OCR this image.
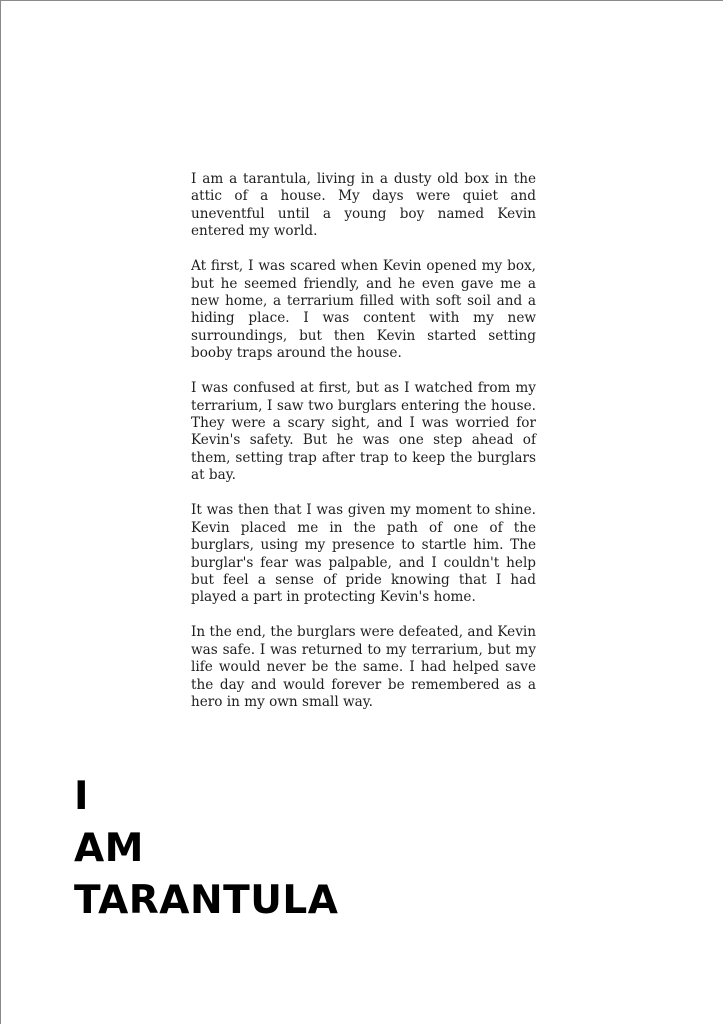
I am a tarantula, living in a dusty old box in the attic of a house. My days were quiet and uneventful until a young boy named Kevin entered my world.

At first, I was scared when Kevin opened my box, but he seemed friendly, and he even gave me a new home, a terrarium filled with soft soil and a hiding place. I was content with my new surroundings, but then Kevin started setting booby traps around the house.

I was confused at first, but as I watched from my terrarium, I saw two burglars entering the house. They were a scary sight, and I was worried for Kevin's safety. But he was one step ahead of them, setting trap after trap to keep the burglars at bay.

It was then that I was given my moment to shine. Kevin placed me in the path of one of the burglars, using my presence to startle him. The burglar's fear was palpable, and I couldn't help but feel a sense of pride knowing that I had played a part in protecting Kevin's home.

In the end, the burglars were defeated, and Kevin was safe. I was returned to my terrarium, but my life would never be the same. I had helped save the day and would forever be remembered as a hero in my own small way.

I
AM
TARANTULA
